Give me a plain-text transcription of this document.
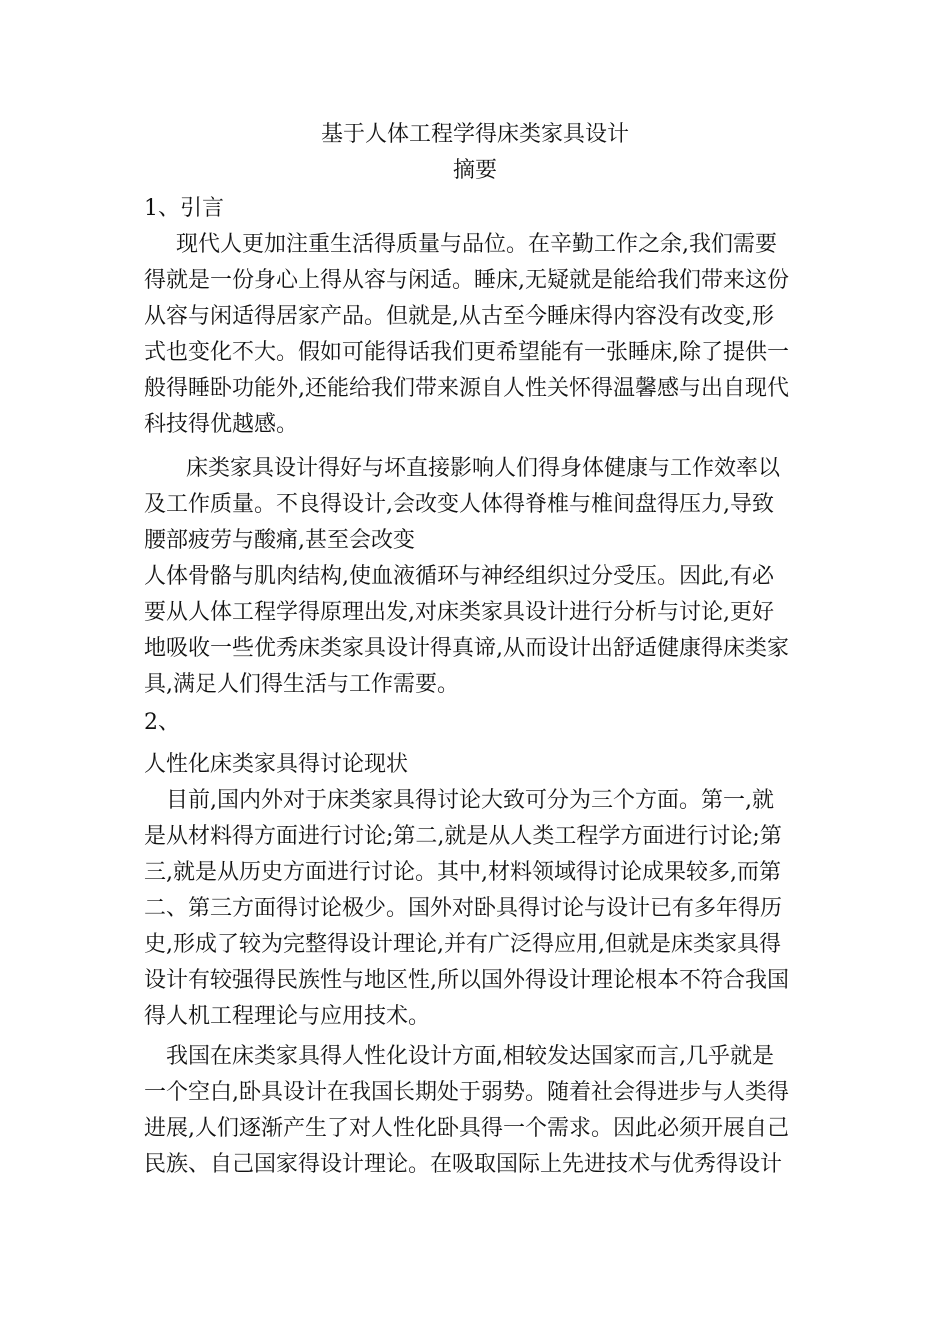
基于人体工程学得床类家具设计
摘要

1、引言

现代人更加注重生活得质量与品位。在辛勤工作之余,我们需要

得就是一份身心上得从容与闲适。睡床,无疑就是能给我们带来这份

从容与闲适得居家产品。但就是,从古至今睡床得内容没有改变,形

式也变化不大。假如可能得话我们更希望能有一张睡床,除了提供一

般得睡卧功能外,还能给我们带来源自人性关怀得温馨感与出自现代

科技得优越感。

床类家具设计得好与坏直接影响人们得身体健康与工作效率以

及工作质量。不良得设计,会改变人体得脊椎与椎间盘得压力,导致

腰部疲劳与酸痛,甚至会改变

人体骨骼与肌肉结构,使血液循环与神经组织过分受压。因此,有必

要从人体工程学得原理出发,对床类家具设计进行分析与讨论,更好

地吸收一些优秀床类家具设计得真谛,从而设计出舒适健康得床类家

具,满足人们得生活与工作需要。

2、

人性化床类家具得讨论现状

目前,国内外对于床类家具得讨论大致可分为三个方面。第一,就

是从材料得方面进行讨论;第二,就是从人类工程学方面进行讨论;第

三,就是从历史方面进行讨论。其中,材料领域得讨论成果较多,而第

二、第三方面得讨论极少。国外对卧具得讨论与设计已有多年得历

史,形成了较为完整得设计理论,并有广泛得应用,但就是床类家具得

设计有较强得民族性与地区性,所以国外得设计理论根本不符合我国

得人机工程理论与应用技术。

我国在床类家具得人性化设计方面,相较发达国家而言,几乎就是

一个空白,卧具设计在我国长期处于弱势。随着社会得进步与人类得

进展,人们逐渐产生了对人性化卧具得一个需求。因此必须开展自己

民族、自己国家得设计理论。在吸取国际上先进技术与优秀得设计
